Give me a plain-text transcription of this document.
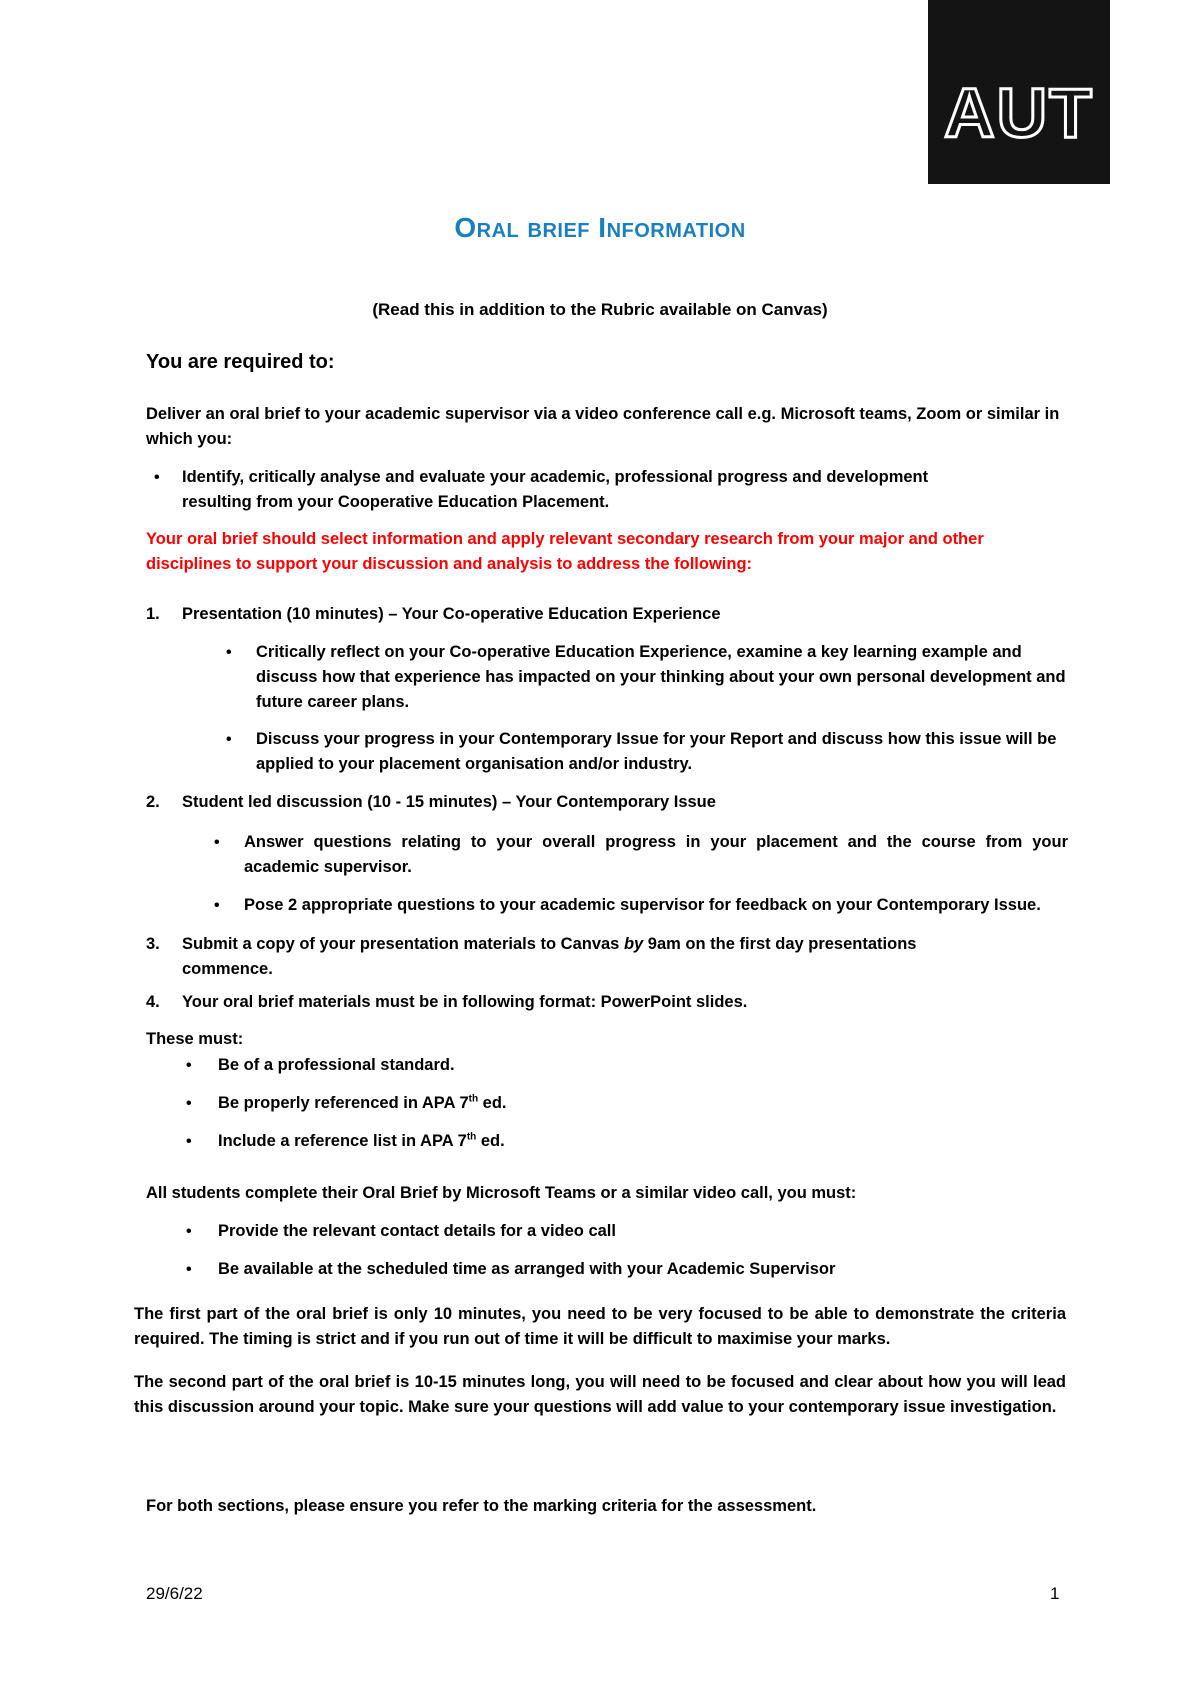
AUT
Oral brief Information
(Read this in addition to the Rubric available on Canvas)
You are required to:
Deliver an oral brief to your academic supervisor via a video conference call e.g. Microsoft teams, Zoom or similar in which you:
• Identify, critically analyse and evaluate your academic, professional progress and development resulting from your Cooperative Education Placement.
Your oral brief should select information and apply relevant secondary research from your major and other disciplines to support your discussion and analysis to address the following:
1. Presentation (10 minutes) – Your Co-operative Education Experience
• Critically reflect on your Co-operative Education Experience, examine a key learning example and discuss how that experience has impacted on your thinking about your own personal development and future career plans.
• Discuss your progress in your Contemporary Issue for your Report and discuss how this issue will be applied to your placement organisation and/or industry.
2. Student led discussion (10 - 15 minutes) – Your Contemporary Issue
• Answer questions relating to your overall progress in your placement and the course from your academic supervisor.
• Pose 2 appropriate questions to your academic supervisor for feedback on your Contemporary Issue.
3. Submit a copy of your presentation materials to Canvas by 9am on the first day presentations commence.
4. Your oral brief materials must be in following format: PowerPoint slides.
These must:
• Be of a professional standard.
• Be properly referenced in APA 7th ed.
• Include a reference list in APA 7th ed.
All students complete their Oral Brief by Microsoft Teams or a similar video call, you must:
• Provide the relevant contact details for a video call
• Be available at the scheduled time as arranged with your Academic Supervisor
The first part of the oral brief is only 10 minutes, you need to be very focused to be able to demonstrate the criteria required. The timing is strict and if you run out of time it will be difficult to maximise your marks.
The second part of the oral brief is 10-15 minutes long, you will need to be focused and clear about how you will lead this discussion around your topic. Make sure your questions will add value to your contemporary issue investigation.
For both sections, please ensure you refer to the marking criteria for the assessment.
29/6/22	1
